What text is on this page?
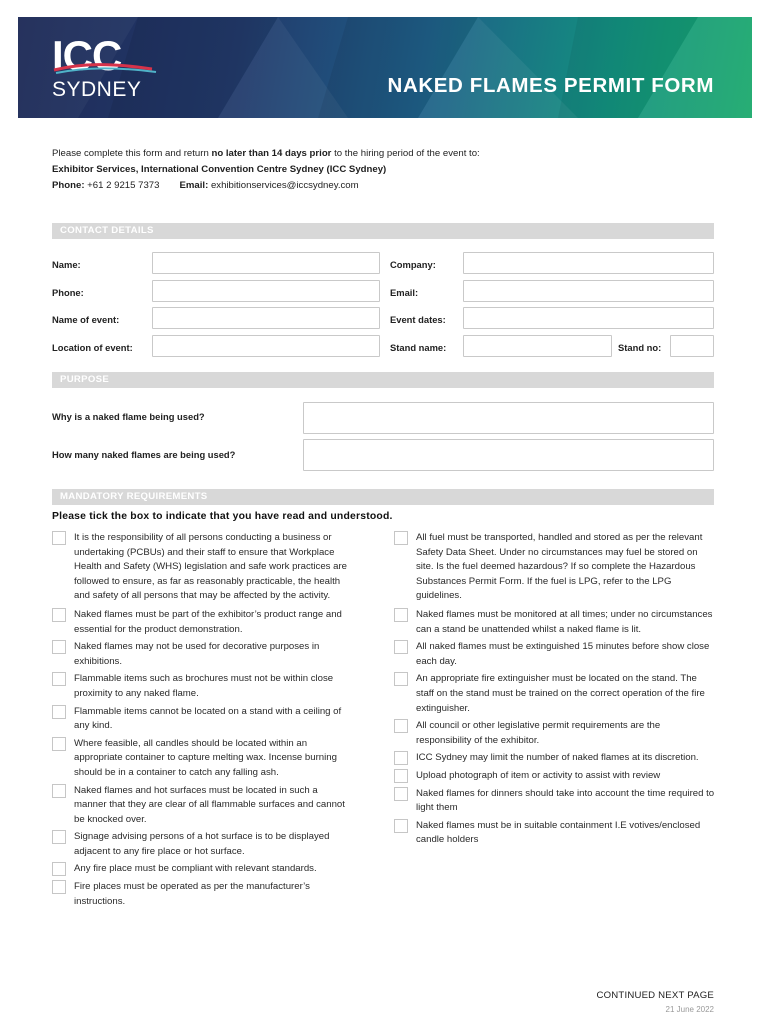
ICC
SYDNEY	NAKED FLAMES PERMIT FORM
Please complete this form and return no later than 14 days prior to the hiring period of the event to:
Exhibitor Services, International Convention Centre Sydney (ICC Sydney)
Phone: +61 2 9215 7373 Email: exhibitionservices@iccsydney.com
CONTACT DETAILS
Name:	Company:
Phone:	Email:
Name of event:	Event dates:
Location of event:	Stand name:	Stand no:
PURPOSE
Why is a naked flame being used?
How many naked flames are being used?
MANDATORY REQUIREMENTS
Please tick the box to indicate that you have read and understood.
It is the responsibility of all persons conducting a business or undertaking (PCBUs) and their staff to ensure that Workplace Health and Safety (WHS) legislation and safe work practices are followed to ensure, as far as reasonably practicable, the health and safety of all persons that may be affected by the activity.
Naked flames must be part of the exhibitor’s product range and essential for the product demonstration.
Naked flames may not be used for decorative purposes in exhibitions.
Flammable items such as brochures must not be within close proximity to any naked flame.
Flammable items cannot be located on a stand with a ceiling of any kind.
Where feasible, all candles should be located within an appropriate container to capture melting wax. Incense burning should be in a container to catch any falling ash.
Naked flames and hot surfaces must be located in such a manner that they are clear of all flammable surfaces and cannot be knocked over.
Signage advising persons of a hot surface is to be displayed adjacent to any fire place or hot surface.
Any fire place must be compliant with relevant standards.
Fire places must be operated as per the manufacturer’s instructions.
All fuel must be transported, handled and stored as per the relevant Safety Data Sheet. Under no circumstances may fuel be stored on site. Is the fuel deemed hazardous? If so complete the Hazardous Substances Permit Form. If the fuel is LPG, refer to the LPG guidelines.
Naked flames must be monitored at all times; under no circumstances can a stand be unattended whilst a naked flame is lit.
All naked flames must be extinguished 15 minutes before show close each day.
An appropriate fire extinguisher must be located on the stand. The staff on the stand must be trained on the correct operation of the fire extinguisher.
All council or other legislative permit requirements are the responsibility of the exhibitor.
ICC Sydney may limit the number of naked flames at its discretion.
Upload photograph of item or activity to assist with review
Naked flames for dinners should take into account the time required to light them
Naked flames must be in suitable containment I.E votives/enclosed candle holders
CONTINUED NEXT PAGE
21 June 2022
